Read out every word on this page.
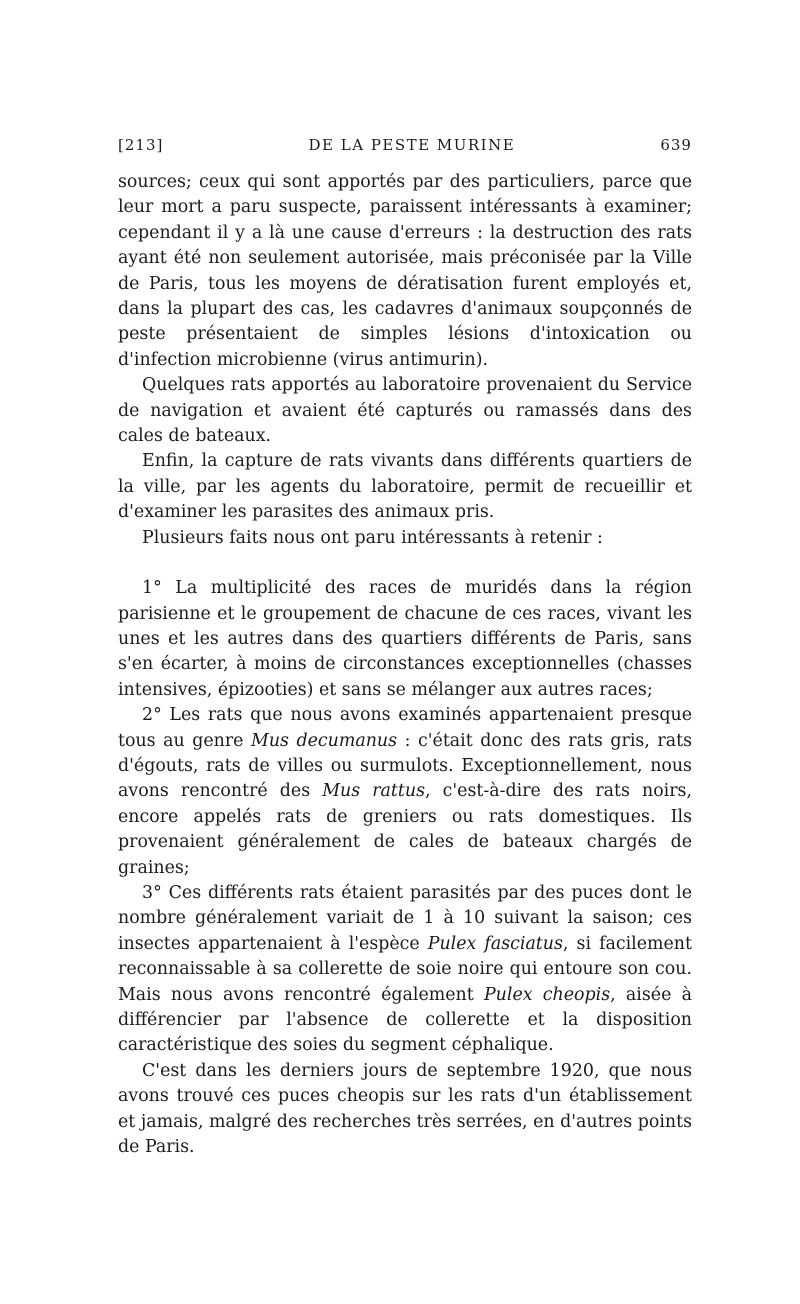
[213]	DE LA PESTE MURINE	639

sources; ceux qui sont apportés par des particuliers, parce que leur mort a paru suspecte, paraissent intéressants à examiner; cependant il y a là une cause d'erreurs : la destruction des rats ayant été non seulement autorisée, mais préconisée par la Ville de Paris, tous les moyens de dératisation furent employés et, dans la plupart des cas, les cadavres d'animaux soupçonnés de peste présentaient de simples lésions d'intoxication ou d'infection microbienne (virus antimurin).

Quelques rats apportés au laboratoire provenaient du Service de navigation et avaient été capturés ou ramassés dans des cales de bateaux.

Enfin, la capture de rats vivants dans différents quartiers de la ville, par les agents du laboratoire, permit de recueillir et d'examiner les parasites des animaux pris.

Plusieurs faits nous ont paru intéressants à retenir :

1° La multiplicité des races de muridés dans la région parisienne et le groupement de chacune de ces races, vivant les unes et les autres dans des quartiers différents de Paris, sans s'en écarter, à moins de circonstances exceptionnelles (chasses intensives, épizooties) et sans se mélanger aux autres races;

2° Les rats que nous avons examinés appartenaient presque tous au genre Mus decumanus : c'était donc des rats gris, rats d'égouts, rats de villes ou surmulots. Exceptionnellement, nous avons rencontré des Mus rattus, c'est-à-dire des rats noirs, encore appelés rats de greniers ou rats domestiques. Ils provenaient généralement de cales de bateaux chargés de graines;

3° Ces différents rats étaient parasités par des puces dont le nombre généralement variait de 1 à 10 suivant la saison; ces insectes appartenaient à l'espèce Pulex fasciatus, si facilement reconnaissable à sa collerette de soie noire qui entoure son cou. Mais nous avons rencontré également Pulex cheopis, aisée à différencier par l'absence de collerette et la disposition caractéristique des soies du segment céphalique.

C'est dans les derniers jours de septembre 1920, que nous avons trouvé ces puces cheopis sur les rats d'un établissement et jamais, malgré des recherches très serrées, en d'autres points de Paris.
